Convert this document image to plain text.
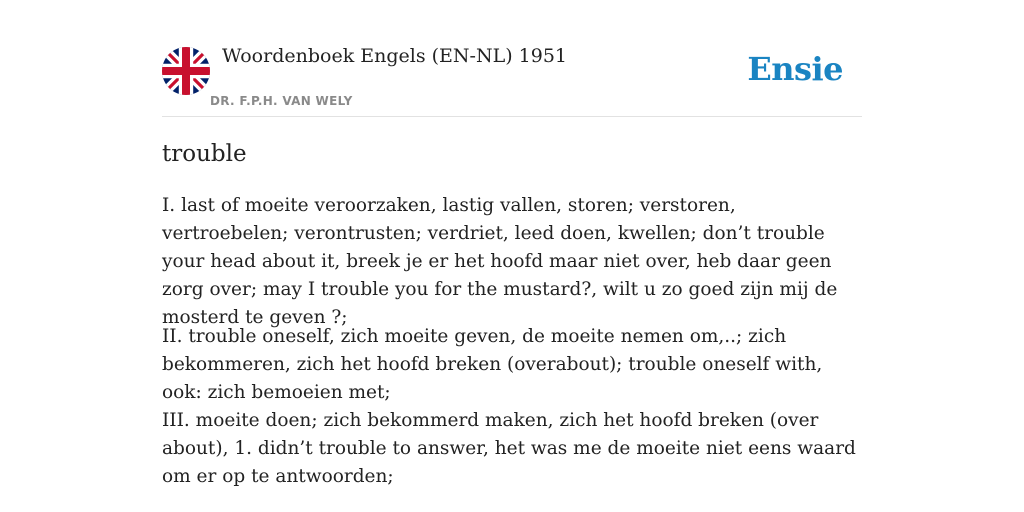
Woordenboek Engels (EN-NL) 1951
DR. F.P.H. VAN WELY
Ensie
trouble

I. last of moeite veroorzaken, lastig vallen, storen; verstoren, vertroebelen; verontrusten; verdriet, leed doen, kwellen; don’t trouble your head about it, breek je er het hoofd maar niet over, heb daar geen zorg over; may I trouble you for the mustard?, wilt u zo goed zijn mij de mosterd te geven ?;

II. trouble oneself, zich moeite geven, de moeite nemen om,..; zich bekommeren, zich het hoofd breken (overabout); trouble oneself with, ook: zich bemoeien met;

III. moeite doen; zich bekommerd maken, zich het hoofd breken (over about), 1. didn’t trouble to answer, het was me de moeite niet eens waard om er op te antwoorden;
